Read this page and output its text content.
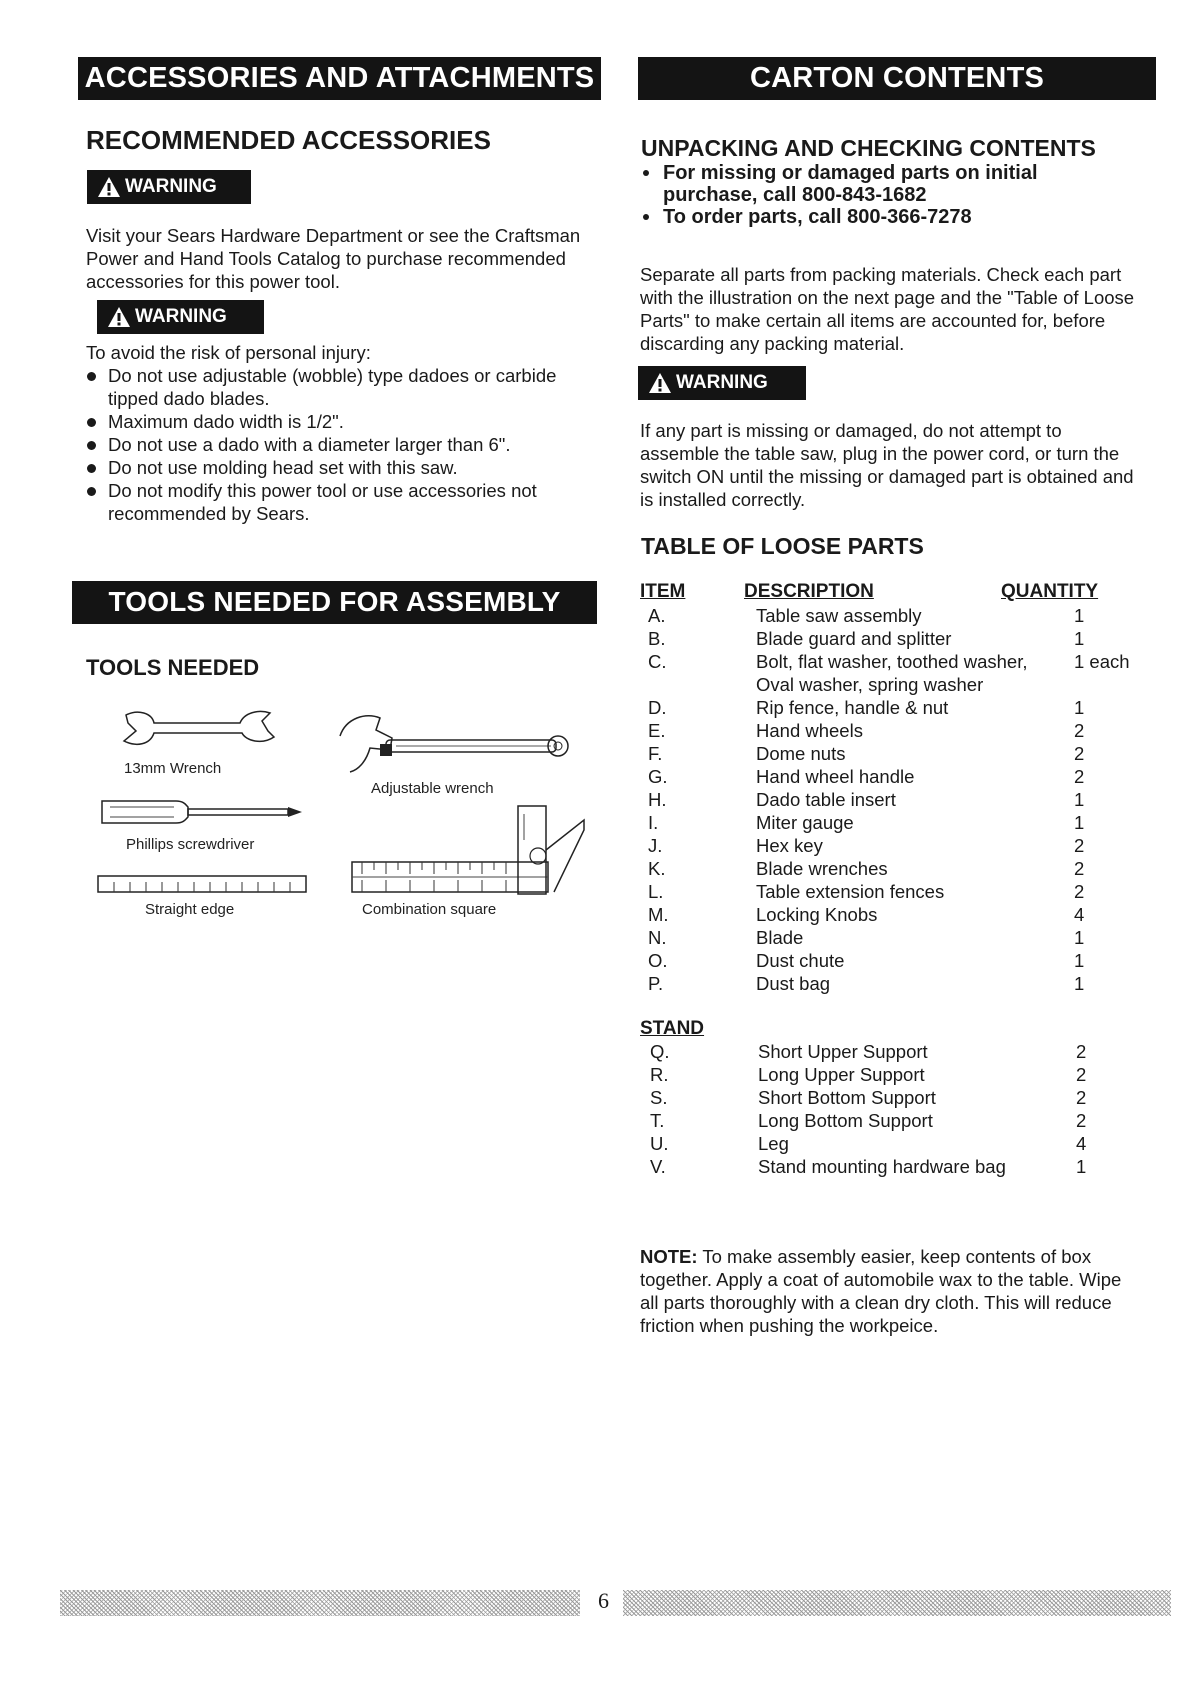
ACCESSORIES AND ATTACHMENTS
RECOMMENDED ACCESSORIES
WARNING

Visit your Sears Hardware Department or see the Craftsman Power and Hand Tools Catalog to purchase recommended accessories for this power tool.

WARNING

To avoid the risk of personal injury:

Do not use adjustable (wobble) type dadoes or carbide tipped dado blades.
Maximum dado width is 1/2".
Do not use a dado with a diameter larger than 6".
Do not use molding head set with this saw.
Do not modify this power tool or use accessories not recommended by Sears.
TOOLS NEEDED FOR ASSEMBLY
TOOLS NEEDED
13mm Wrench
Adjustable wrench
Phillips screwdriver
Combination square
Straight edge
CARTON CONTENTS
UNPACKING AND CHECKING CONTENTS
For missing or damaged parts on initial purchase, call 800-843-1682
To order parts, call 800-366-7278

Separate all parts from packing materials. Check each part with the illustration on the next page and the "Table of Loose Parts" to make certain all items are accounted for, before discarding any packing material.

WARNING

If any part is missing or damaged, do not attempt to assemble the table saw, plug in the power cord, or turn the switch ON until the missing or damaged part is obtained and is installed correctly.

TABLE OF LOOSE PARTS
ITEM	DESCRIPTION	QUANTITY
A.	Table saw assembly	1
B.	Blade guard and splitter	1
C.	Bolt, flat washer, toothed washer,	1 each
Oval washer, spring washer
D.	Rip fence, handle & nut	1
E.	Hand wheels	2
F.	Dome nuts	2
G.	Hand wheel handle	2
H.	Dado table insert	1
I.	Miter gauge	1
J.	Hex key	2
K.	Blade wrenches	2
L.	Table extension fences	2
M.	Locking Knobs	4
N.	Blade	1
O.	Dust chute	1
P.	Dust bag	1
STAND
Q.	Short Upper Support	2
R.	Long Upper Support	2
S.	Short Bottom Support	2
T.	Long Bottom Support	2
U.	Leg	4
V.	Stand mounting hardware bag	1

NOTE: To make assembly easier, keep contents of box together. Apply a coat of automobile wax to the table. Wipe all parts thoroughly with a clean dry cloth. This will reduce friction when pushing the workpeice.

6
